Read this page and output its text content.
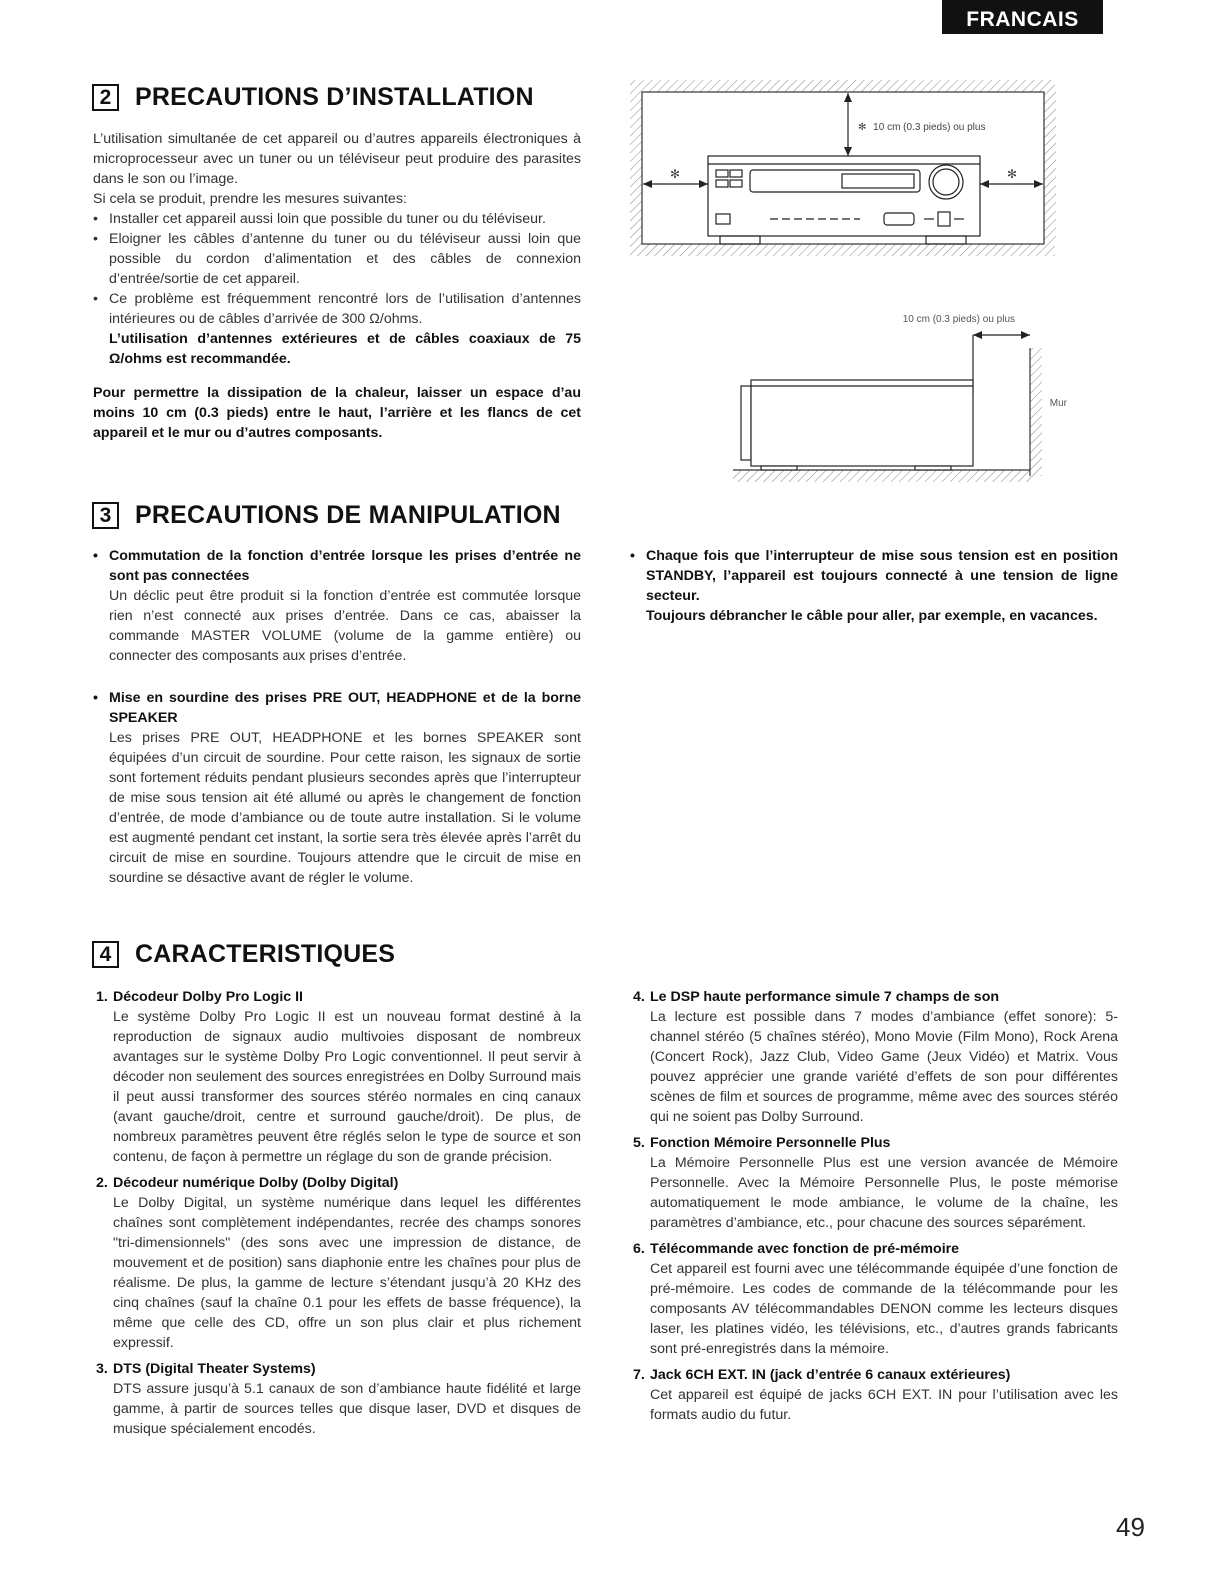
FRANCAIS
2 PRECAUTIONS D’INSTALLATION
L’utilisation simultanée de cet appareil ou d’autres appareils électroniques à microprocesseur avec un tuner ou un téléviseur peut produire des parasites dans le son ou l’image.
Si cela se produit, prendre les mesures suivantes:
• Installer cet appareil aussi loin que possible du tuner ou du téléviseur.
• Eloigner les câbles d’antenne du tuner ou du téléviseur aussi loin que possible du cordon d’alimentation et des câbles de connexion d’entrée/sortie de cet appareil.
• Ce problème est fréquemment rencontré lors de l’utilisation d’antennes intérieures ou de câbles d’arrivée de 300 Ω/ohms.
L’utilisation d’antennes extérieures et de câbles coaxiaux de 75 Ω/ohms est recommandée.
Pour permettre la dissipation de la chaleur, laisser un espace d’au moins 10 cm (0.3 pieds) entre le haut, l’arrière et les flancs de cet appareil et le mur ou d’autres composants.
✻ 10 cm (0.3 pieds) ou plus
✻	✻
10 cm (0.3 pieds) ou plus
Mur
3 PRECAUTIONS DE MANIPULATION
• Commutation de la fonction d’entrée lorsque les prises d’entrée ne sont pas connectées
Un déclic peut être produit si la fonction d’entrée est commutée lorsque rien n’est connecté aux prises d’entrée. Dans ce cas, abaisser la commande MASTER VOLUME (volume de la gamme entière) ou connecter des composants aux prises d’entrée.
• Mise en sourdine des prises PRE OUT, HEADPHONE et de la borne SPEAKER
Les prises PRE OUT, HEADPHONE et les bornes SPEAKER sont équipées d’un circuit de sourdine. Pour cette raison, les signaux de sortie sont fortement réduits pendant plusieurs secondes après que l’interrupteur de mise sous tension ait été allumé ou après le changement de fonction d’entrée, de mode d’ambiance ou de toute autre installation. Si le volume est augmenté pendant cet instant, la sortie sera très élevée après l’arrêt du circuit de mise en sourdine. Toujours attendre que le circuit de mise en sourdine se désactive avant de régler le volume.
• Chaque fois que l’interrupteur de mise sous tension est en position STANDBY, l’appareil est toujours connecté à une tension de ligne secteur.
Toujours débrancher le câble pour aller, par exemple, en vacances.
4 CARACTERISTIQUES
1. Décodeur Dolby Pro Logic II
Le système Dolby Pro Logic II est un nouveau format destiné à la reproduction de signaux audio multivoies disposant de nombreux avantages sur le système Dolby Pro Logic conventionnel. Il peut servir à décoder non seulement des sources enregistrées en Dolby Surround mais il peut aussi transformer des sources stéréo normales en cinq canaux (avant gauche/droit, centre et surround gauche/droit). De plus, de nombreux paramètres peuvent être réglés selon le type de source et son contenu, de façon à permettre un réglage du son de grande précision.
2. Décodeur numérique Dolby (Dolby Digital)
Le Dolby Digital, un système numérique dans lequel les différentes chaînes sont complètement indépendantes, recrée des champs sonores "tri-dimensionnels" (des sons avec une impression de distance, de mouvement et de position) sans diaphonie entre les chaînes pour plus de réalisme. De plus, la gamme de lecture s’étendant jusqu’à 20 KHz des cinq chaînes (sauf la chaîne 0.1 pour les effets de basse fréquence), la même que celle des CD, offre un son plus clair et plus richement expressif.
3. DTS (Digital Theater Systems)
DTS assure jusqu’à 5.1 canaux de son d’ambiance haute fidélité et large gamme, à partir de sources telles que disque laser, DVD et disques de musique spécialement encodés.
4. Le DSP haute performance simule 7 champs de son
La lecture est possible dans 7 modes d’ambiance (effet sonore): 5-channel stéréo (5 chaînes stéréo), Mono Movie (Film Mono), Rock Arena (Concert Rock), Jazz Club, Video Game (Jeux Vidéo) et Matrix. Vous pouvez apprécier une grande variété d’effets de son pour différentes scènes de film et sources de programme, même avec des sources stéréo qui ne soient pas Dolby Surround.
5. Fonction Mémoire Personnelle Plus
La Mémoire Personnelle Plus est une version avancée de Mémoire Personnelle. Avec la Mémoire Personnelle Plus, le poste mémorise automatiquement le mode ambiance, le volume de la chaîne, les paramètres d’ambiance, etc., pour chacune des sources séparément.
6. Télécommande avec fonction de pré-mémoire
Cet appareil est fourni avec une télécommande équipée d’une fonction de pré-mémoire. Les codes de commande de la télécommande pour les composants AV télécommandables DENON comme les lecteurs disques laser, les platines vidéo, les télévisions, etc., d’autres grands fabricants sont pré-enregistrés dans la mémoire.
7. Jack 6CH EXT. IN (jack d’entrée 6 canaux extérieures)
Cet appareil est équipé de jacks 6CH EXT. IN pour l’utilisation avec les formats audio du futur.
49
